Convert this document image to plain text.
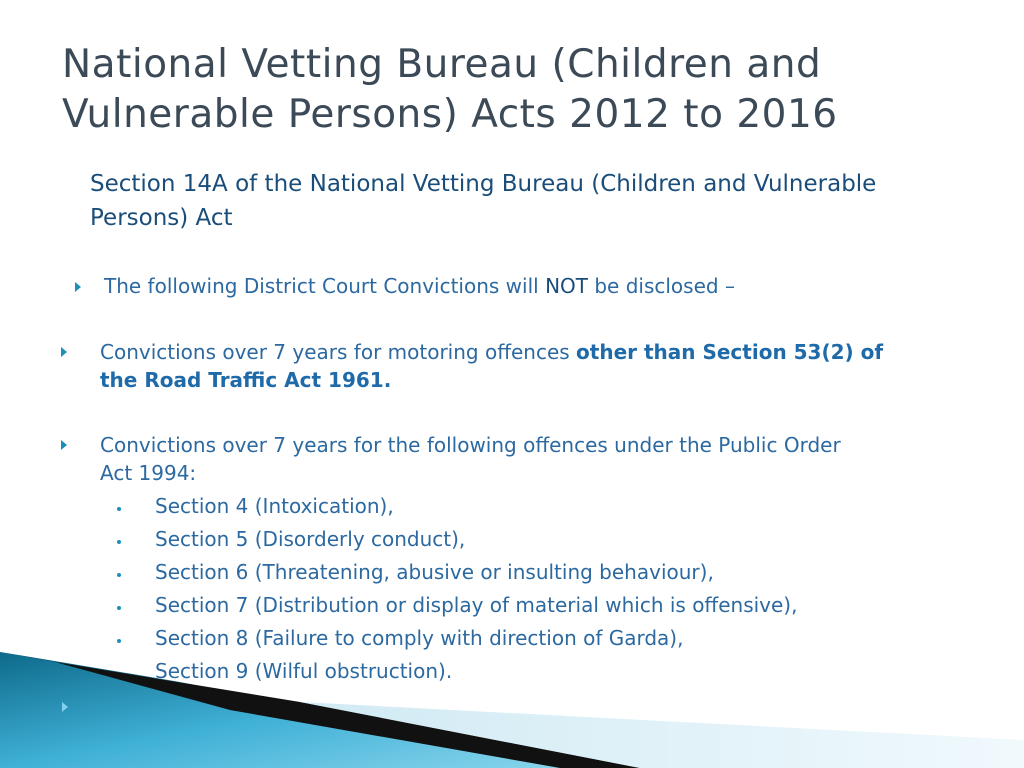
National Vetting Bureau (Children and Vulnerable Persons) Acts 2012 to 2016
Section 14A of the National Vetting Bureau (Children and Vulnerable Persons) Act
The following District Court Convictions will NOT be disclosed –
Convictions over 7 years for motoring offences other than Section 53(2) of
the Road Traffic Act 1961.
Convictions over 7 years for the following offences under the Public Order
Act 1994:
Section 4 (Intoxication),
Section 5 (Disorderly conduct),
Section 6 (Threatening, abusive or insulting behaviour),
Section 7 (Distribution or display of material which is offensive),
Section 8 (Failure to comply with direction of Garda),
Section 9 (Wilful obstruction).
